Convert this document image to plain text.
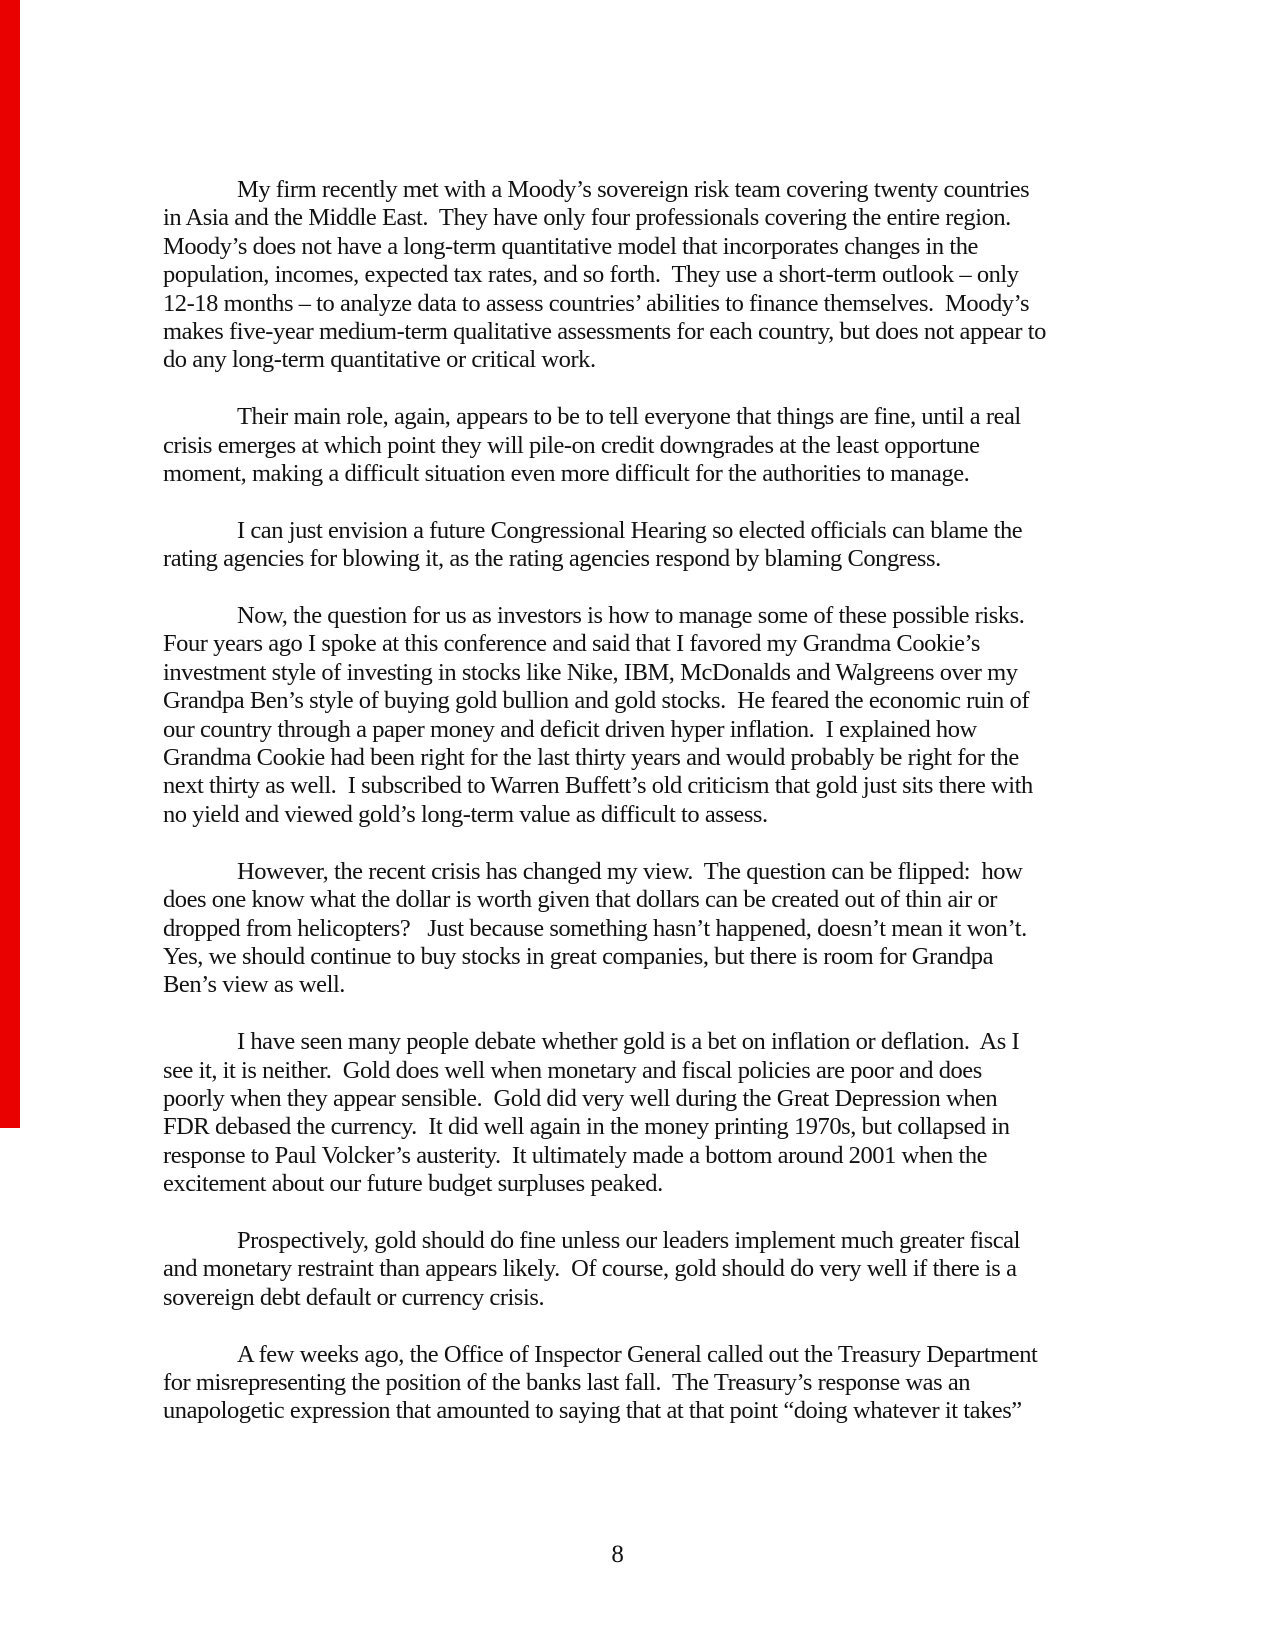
My firm recently met with a Moody’s sovereign risk team covering twenty countries
in Asia and the Middle East.  They have only four professionals covering the entire region.
Moody’s does not have a long-term quantitative model that incorporates changes in the
population, incomes, expected tax rates, and so forth.  They use a short-term outlook – only
12-18 months – to analyze data to assess countries’ abilities to finance themselves.  Moody’s
makes five-year medium-term qualitative assessments for each country, but does not appear to
do any long-term quantitative or critical work.

Their main role, again, appears to be to tell everyone that things are fine, until a real
crisis emerges at which point they will pile-on credit downgrades at the least opportune
moment, making a difficult situation even more difficult for the authorities to manage.

I can just envision a future Congressional Hearing so elected officials can blame the
rating agencies for blowing it, as the rating agencies respond by blaming Congress.

Now, the question for us as investors is how to manage some of these possible risks.
Four years ago I spoke at this conference and said that I favored my Grandma Cookie’s
investment style of investing in stocks like Nike, IBM, McDonalds and Walgreens over my
Grandpa Ben’s style of buying gold bullion and gold stocks.  He feared the economic ruin of
our country through a paper money and deficit driven hyper inflation.  I explained how
Grandma Cookie had been right for the last thirty years and would probably be right for the
next thirty as well.  I subscribed to Warren Buffett’s old criticism that gold just sits there with
no yield and viewed gold’s long-term value as difficult to assess.

However, the recent crisis has changed my view.  The question can be flipped:  how
does one know what the dollar is worth given that dollars can be created out of thin air or
dropped from helicopters?   Just because something hasn’t happened, doesn’t mean it won’t.
Yes, we should continue to buy stocks in great companies, but there is room for Grandpa
Ben’s view as well.

I have seen many people debate whether gold is a bet on inflation or deflation.  As I
see it, it is neither.  Gold does well when monetary and fiscal policies are poor and does
poorly when they appear sensible.  Gold did very well during the Great Depression when
FDR debased the currency.  It did well again in the money printing 1970s, but collapsed in
response to Paul Volcker’s austerity.  It ultimately made a bottom around 2001 when the
excitement about our future budget surpluses peaked.

Prospectively, gold should do fine unless our leaders implement much greater fiscal
and monetary restraint than appears likely.  Of course, gold should do very well if there is a
sovereign debt default or currency crisis.

A few weeks ago, the Office of Inspector General called out the Treasury Department
for misrepresenting the position of the banks last fall.  The Treasury’s response was an
unapologetic expression that amounted to saying that at that point “doing whatever it takes”

8
